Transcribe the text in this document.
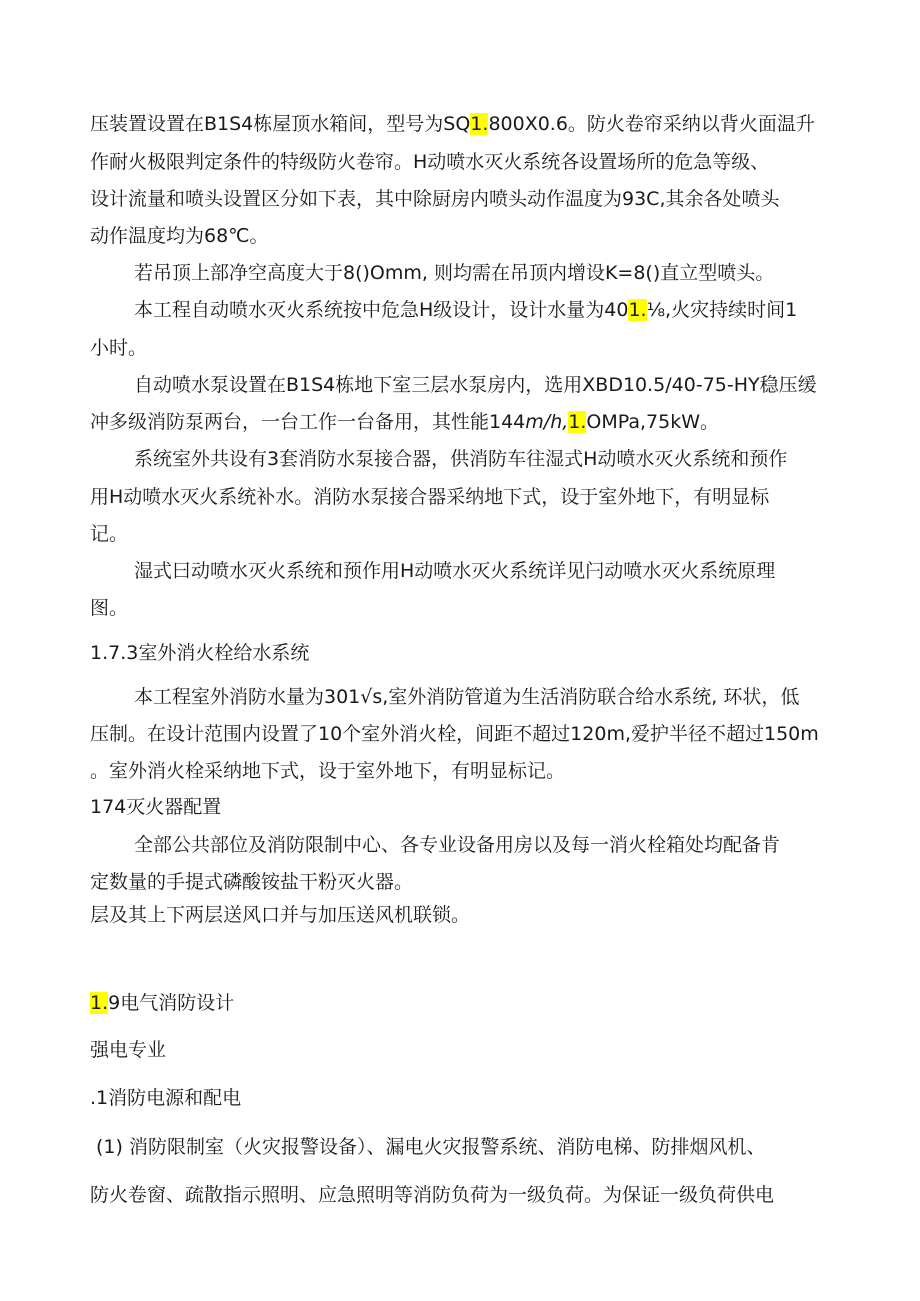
压装置设置在B1S4栋屋顶水箱间，型号为SQ1.800X0.6。防火卷帘采纳以背火面温升

作耐火极限判定条件的特级防火卷帘。H动喷水灭火系统各设置场所的危急等级、

设计流量和喷头设置区分如下表，其中除厨房内喷头动作温度为93C,其余各处喷头

动作温度均为68℃。

若吊顶上部净空高度大于8()Omm, 则均需在吊顶内增设K=8()直立型喷头。

本工程自动喷水灭火系统按中危急H级设计，设计水量为401.⅛,火灾持续时间1

小时。

自动喷水泵设置在B1S4栋地下室三层水泵房内，选用XBD10.5/40-75-HY稳压缓

冲多级消防泵两台，一台工作一台备用，其性能144m∕h,1.OMPa,75kW。

系统室外共设有3套消防水泵接合器，供消防车往湿式H动喷水灭火系统和预作

用H动喷水灭火系统补水。消防水泵接合器采纳地下式，设于室外地下，有明显标

记。

湿式曰动喷水灭火系统和预作用H动喷水灭火系统详见闩动喷水灭火系统原理

图。

1.7.3室外消火栓给水系统

本工程室外消防水量为301√s,室外消防管道为生活消防联合给水系统, 环状，低

压制。在设计范围内设置了10个室外消火栓，间距不超过120m,爱护半径不超过150m

。室外消火栓采纳地下式，设于室外地下，有明显标记。

174灭火器配置

全部公共部位及消防限制中心、各专业设备用房以及每一消火栓箱处均配备肯

定数量的手提式磷酸铵盐干粉灭火器。

层及其上下两层送风口并与加压送风机联锁。

1.9电气消防设计

强电专业

.1消防电源和配电

(1) 消防限制室（火灾报警设备）、漏电火灾报警系统、消防电梯、防排烟风机、

防火卷窗、疏散指示照明、应急照明等消防负荷为一级负荷。为保证一级负荷供电
